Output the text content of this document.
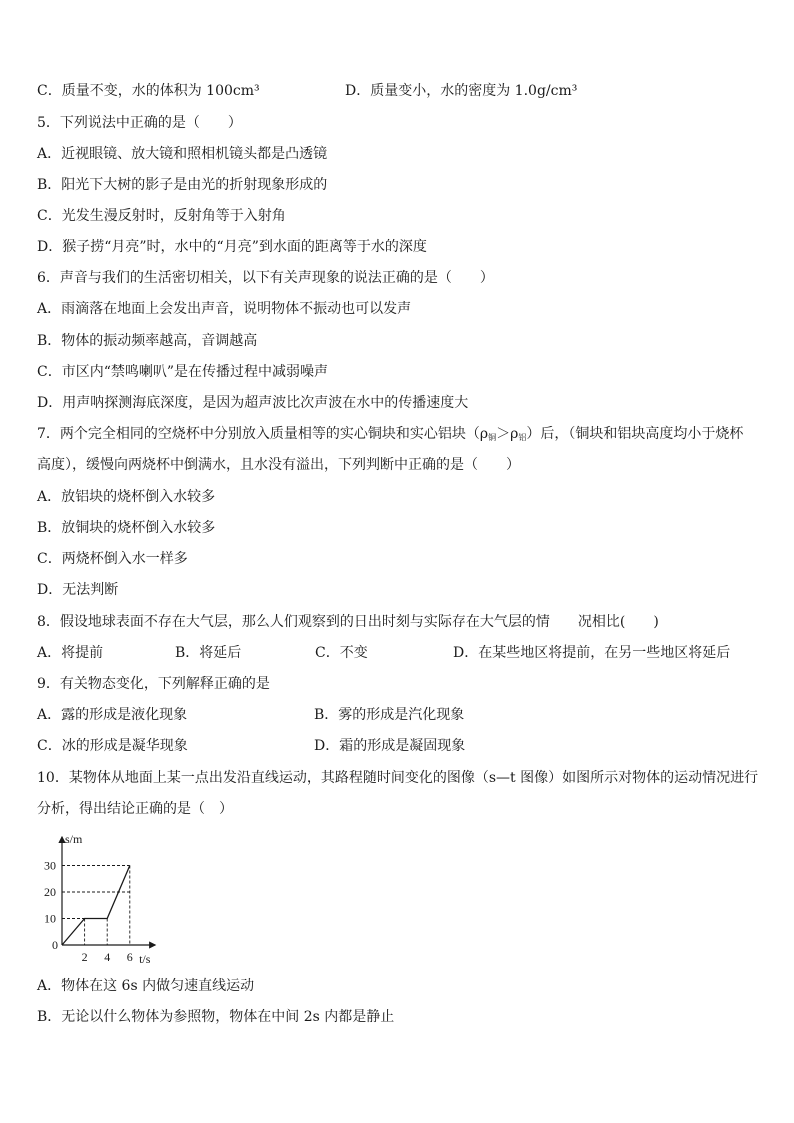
C．质量不变，水的体积为 100cm³	D．质量变小，水的密度为 1.0g/cm³
5．下列说法中正确的是（　　）
A．近视眼镜、放大镜和照相机镜头都是凸透镜
B．阳光下大树的影子是由光的折射现象形成的
C．光发生漫反射时，反射角等于入射角
D．猴子捞“月亮”时，水中的“月亮”到水面的距离等于水的深度
6．声音与我们的生活密切相关，以下有关声现象的说法正确的是（　　）
A．雨滴落在地面上会发出声音，说明物体不振动也可以发声
B．物体的振动频率越高，音调越高
C．市区内“禁鸣喇叭”是在传播过程中减弱噪声
D．用声呐探测海底深度，是因为超声波比次声波在水中的传播速度大
7．两个完全相同的空烧杯中分别放入质量相等的实心铜块和实心铝块$(\rho_铜>\rho_铝)$后，（铜块和铝块高度均小于烧杯
高度），缓慢向两烧杯中倒满水，且水没有溢出，下列判断中正确的是（　　）
A．放铝块的烧杯倒入水较多
B．放铜块的烧杯倒入水较多
C．两烧杯倒入水一样多
D．无法判断
8．假设地球表面不存在大气层，那么人们观察到的日出时刻与实际存在大气层的情　　况相比(　　)
A．将提前	B．将延后	C．不变	D．在某些地区将提前，在另一些地区将延后
9．有关物态变化，下列解释正确的是
A．露的形成是液化现象	B．雾的形成是汽化现象
C．冰的形成是凝华现象	D．霜的形成是凝固现象
10．某物体从地面上某一点出发沿直线运动，其路程随时间变化的图像（s—t 图像）如图所示对物体的运动情况进行
分析，得出结论正确的是（　）
s/m
t/s
0
10
20
30
2 4 6
A．物体在这 6s 内做匀速直线运动
B．无论以什么物体为参照物，物体在中间 2s 内都是静止
